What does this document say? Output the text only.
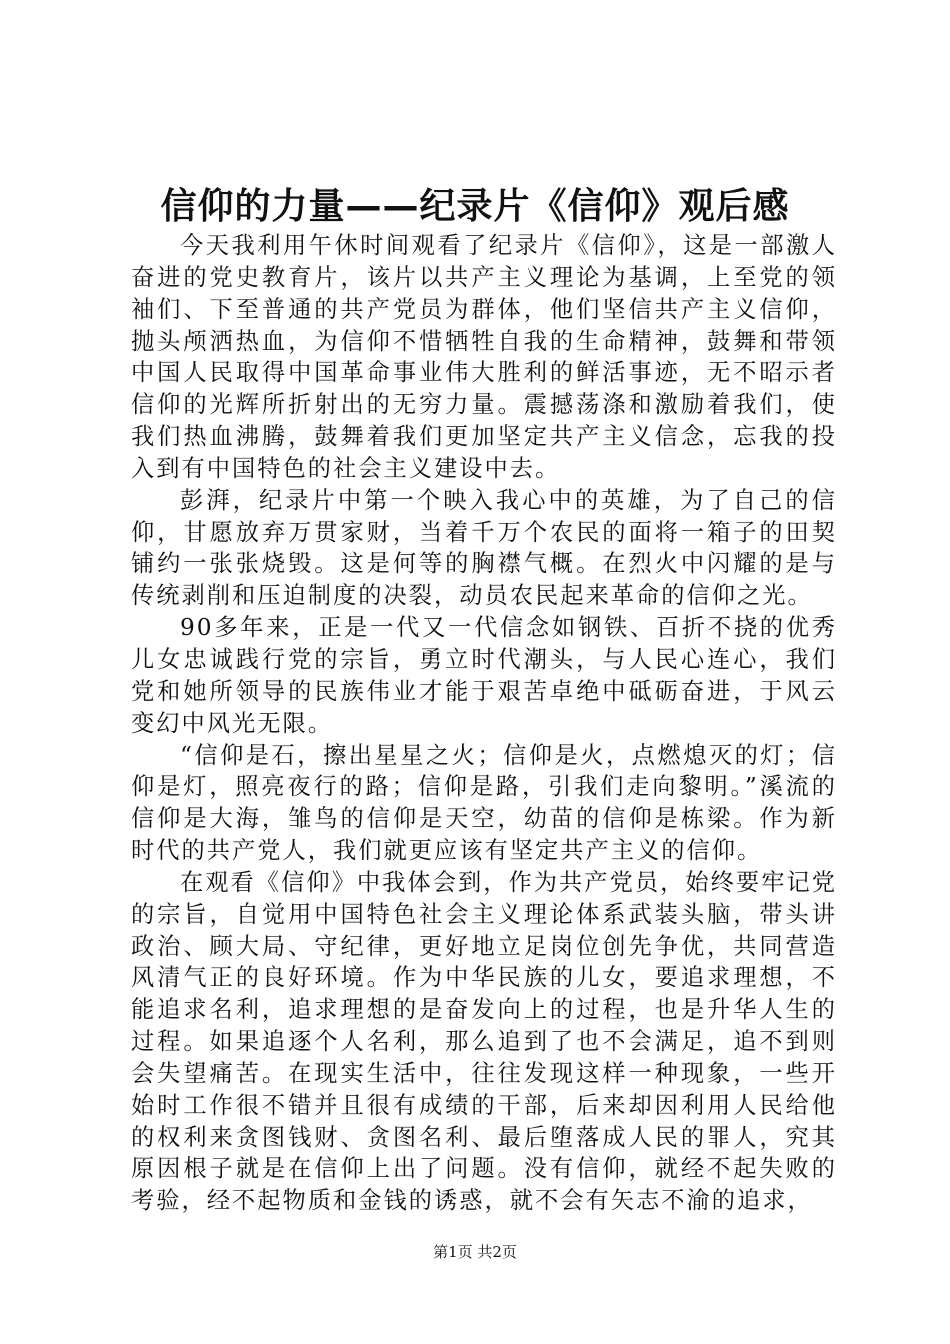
信仰的力量——纪录片《信仰》观后感

今天我利用午休时间观看了纪录片《信仰》，这是一部激人奋进的党史教育片，该片以共产主义理论为基调，上至党的领袖们、下至普通的共产党员为群体，他们坚信共产主义信仰，抛头颅洒热血，为信仰不惜牺牲自我的生命精神，鼓舞和带领中国人民取得中国革命事业伟大胜利的鲜活事迹，无不昭示者信仰的光辉所折射出的无穷力量。震撼荡涤和激励着我们，使我们热血沸腾，鼓舞着我们更加坚定共产主义信念，忘我的投入到有中国特色的社会主义建设中去。

彭湃，纪录片中第一个映入我心中的英雄，为了自己的信仰，甘愿放弃万贯家财，当着千万个农民的面将一箱子的田契铺约一张张烧毁。这是何等的胸襟气概。在烈火中闪耀的是与传统剥削和压迫制度的决裂，动员农民起来革命的信仰之光。

90多年来，正是一代又一代信念如钢铁、百折不挠的优秀儿女忠诚践行党的宗旨，勇立时代潮头，与人民心连心，我们党和她所领导的民族伟业才能于艰苦卓绝中砥砺奋进，于风云变幻中风光无限。

“信仰是石，擦出星星之火；信仰是火，点燃熄灭的灯；信仰是灯，照亮夜行的路；信仰是路，引我们走向黎明。”溪流的信仰是大海，雏鸟的信仰是天空，幼苗的信仰是栋梁。作为新时代的共产党人，我们就更应该有坚定共产主义的信仰。

在观看《信仰》中我体会到，作为共产党员，始终要牢记党的宗旨，自觉用中国特色社会主义理论体系武装头脑，带头讲政治、顾大局、守纪律，更好地立足岗位创先争优，共同营造风清气正的良好环境。作为中华民族的儿女，要追求理想，不能追求名利，追求理想的是奋发向上的过程，也是升华人生的过程。如果追逐个人名利，那么追到了也不会满足，追不到则会失望痛苦。在现实生活中，往往发现这样一种现象，一些开始时工作很不错并且很有成绩的干部，后来却因利用人民给他的权利来贪图钱财、贪图名利、最后堕落成人民的罪人，究其原因根子就是在信仰上出了问题。没有信仰，就经不起失败的考验，经不起物质和金钱的诱惑，就不会有矢志不渝的追求，

第1页 共2页
